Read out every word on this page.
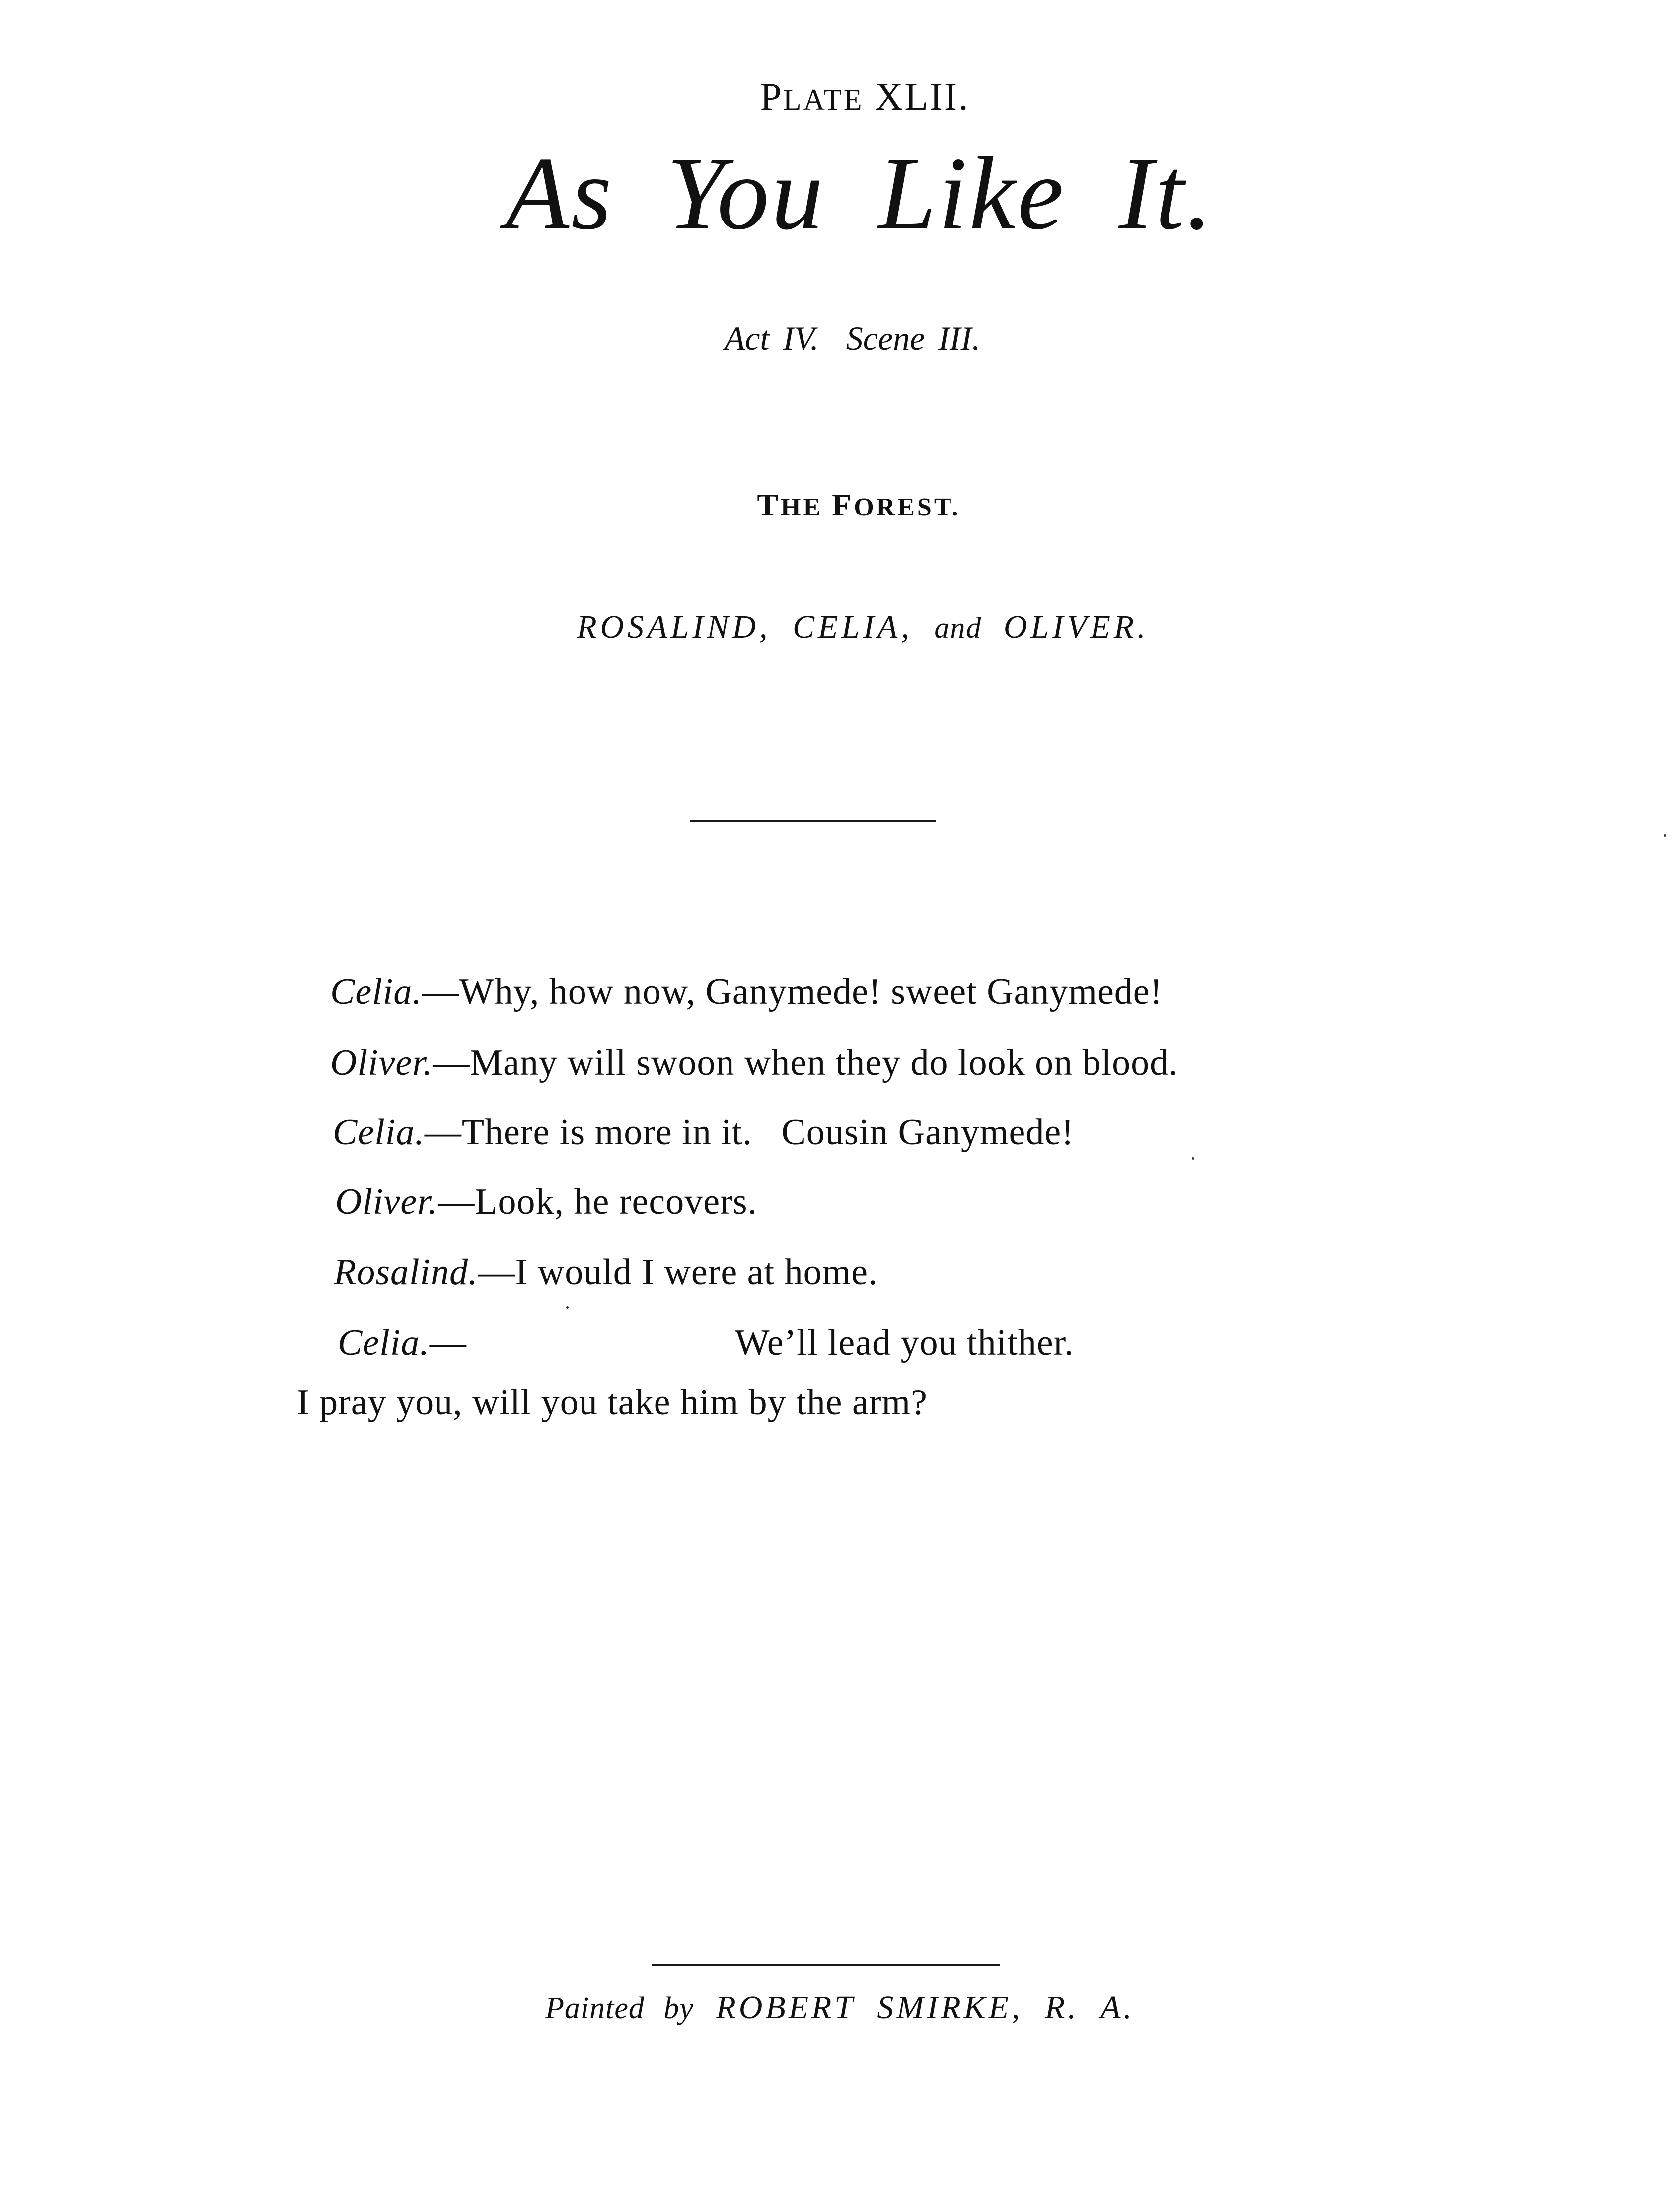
PLATE XLII.
As You Like It.
Act IV. Scene III.
THE FOREST.
ROSALIND, CELIA, and OLIVER.
Celia.—Why, how now, Ganymede! sweet Ganymede!
Oliver.—Many will swoon when they do look on blood.
Celia.—There is more in it.   Cousin Ganymede!
Oliver.—Look, he recovers.
Rosalind.—I would I were at home.
Celia.—	We’ll lead you thither.
I pray you, will you take him by the arm?
Painted by ROBERT SMIRKE, R. A.
